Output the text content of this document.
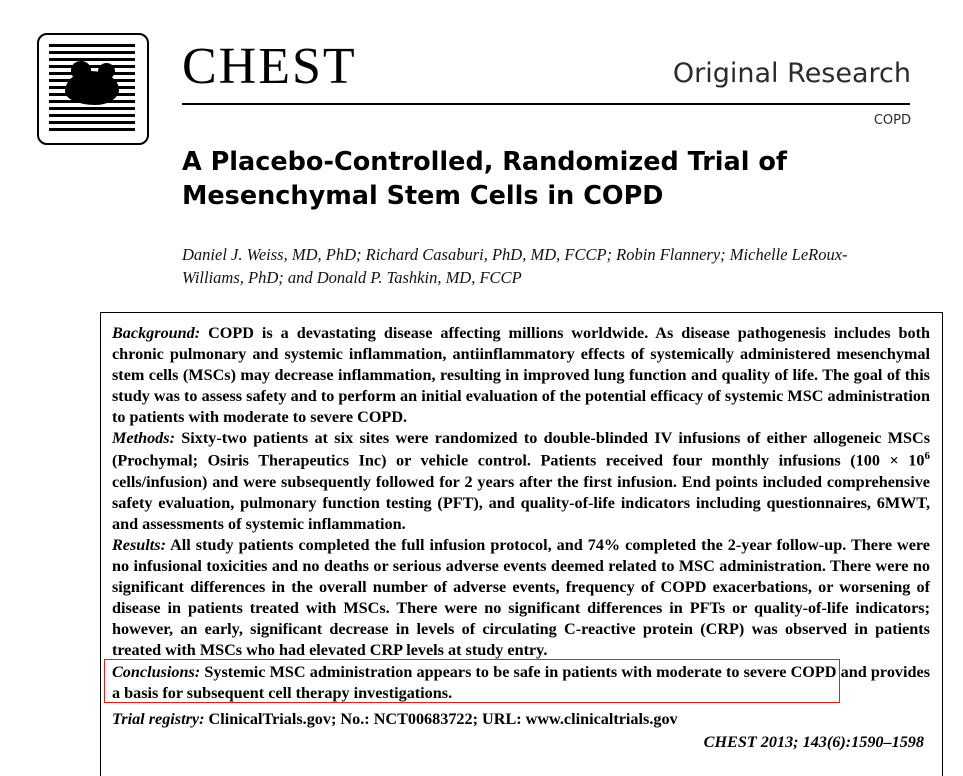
CHEST	Original Research
COPD
A Placebo-Controlled, Randomized Trial of Mesenchymal Stem Cells in COPD
Daniel J. Weiss, MD, PhD; Richard Casaburi, PhD, MD, FCCP; Robin Flannery; Michelle LeRoux-Williams, PhD; and Donald P. Tashkin, MD, FCCP

Background: COPD is a devastating disease affecting millions worldwide. As disease pathogenesis includes both chronic pulmonary and systemic inflammation, antiinflammatory effects of systemically administered mesenchymal stem cells (MSCs) may decrease inflammation, resulting in improved lung function and quality of life. The goal of this study was to assess safety and to perform an initial evaluation of the potential efficacy of systemic MSC administration to patients with moderate to severe COPD.

Methods: Sixty-two patients at six sites were randomized to double-blinded IV infusions of either allogeneic MSCs (Prochymal; Osiris Therapeutics Inc) or vehicle control. Patients received four monthly infusions ($100 \times 10^6$ cells/infusion) and were subsequently followed for 2 years after the first infusion. End points included comprehensive safety evaluation, pulmonary function testing (PFT), and quality-of-life indicators including questionnaires, 6MWT, and assessments of systemic inflammation.

Results: All study patients completed the full infusion protocol, and 74% completed the 2-year follow-up. There were no infusional toxicities and no deaths or serious adverse events deemed related to MSC administration. There were no significant differences in the overall number of adverse events, frequency of COPD exacerbations, or worsening of disease in patients treated with MSCs. There were no significant differences in PFTs or quality-of-life indicators; however, an early, significant decrease in levels of circulating C-reactive protein (CRP) was observed in patients treated with MSCs who had elevated CRP levels at study entry.

Conclusions: Systemic MSC administration appears to be safe in patients with moderate to severe COPD and provides a basis for subsequent cell therapy investigations.

Trial registry: ClinicalTrials.gov; No.: NCT00683722; URL: www.clinicaltrials.gov

CHEST 2013; 143(6):1590–1598
